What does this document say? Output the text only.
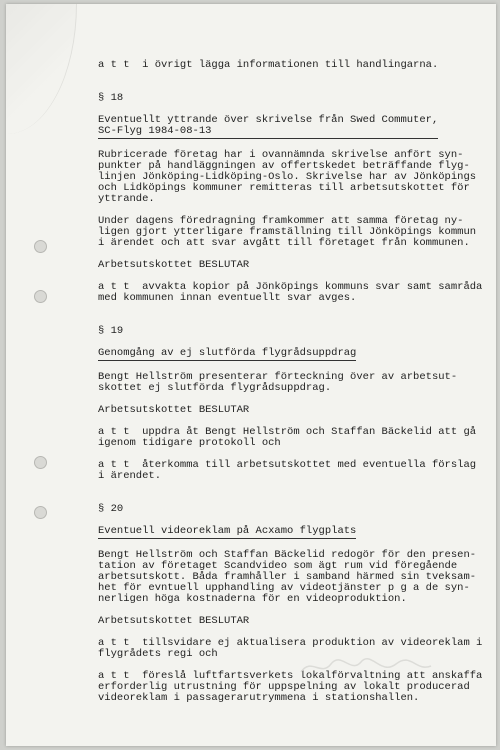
a t t  i övrigt lägga informationen till handlingarna.

§ 18

Eventuellt yttrande över skrivelse från Swed Commuter,

SC-Flyg 1984-08-13

Rubricerade företag har i ovannämnda skrivelse anfört syn-

punkter på handläggningen av offertskedet beträffande flyg-

linjen Jönköping-Lidköping-Oslo. Skrivelse har av Jönköpings

och Lidköpings kommuner remitteras till arbetsutskottet för

yttrande.

Under dagens föredragning framkommer att samma företag ny-

ligen gjort ytterligare framställning till Jönköpings kommun

i ärendet och att svar avgått till företaget från kommunen.

Arbetsutskottet BESLUTAR

a t t  avvakta kopior på Jönköpings kommuns svar samt samråda

med kommunen innan eventuellt svar avges.

§ 19

Genomgång av ej slutförda flygrådsuppdrag

Bengt Hellström presenterar förteckning över av arbetsut-

skottet ej slutförda flygrådsuppdrag.

Arbetsutskottet BESLUTAR

a t t  uppdra åt Bengt Hellström och Staffan Bäckelid att gå

igenom tidigare protokoll och

a t t  återkomma till arbetsutskottet med eventuella förslag

i ärendet.

§ 20

Eventuell videoreklam på Acxamo flygplats

Bengt Hellström och Staffan Bäckelid redogör för den presen-

tation av företaget Scandvideo som ägt rum vid föregående

arbetsutskott. Båda framhåller i samband härmed sin tveksam-

het för evntuell upphandling av videotjänster p g a de syn-

nerligen höga kostnaderna för en videoproduktion.

Arbetsutskottet BESLUTAR

a t t  tillsvidare ej aktualisera produktion av videoreklam i

flygrådets regi och

a t t  föreslå luftfartsverkets lokalförvaltning att anskaffa

erforderlig utrustning för uppspelning av lokalt producerad

videoreklam i passagerarutrymmena i stationshallen.
